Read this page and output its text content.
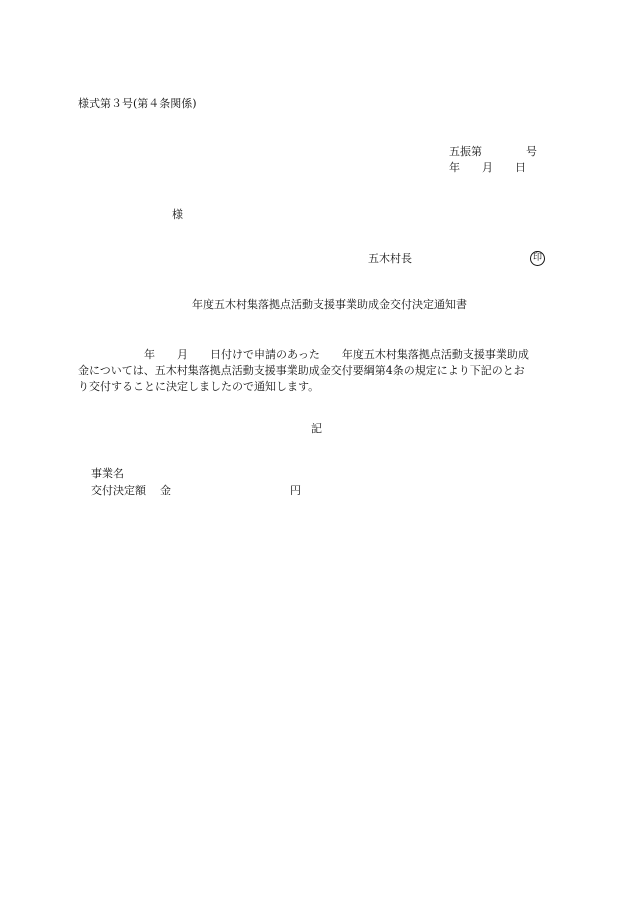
様式第３号(第４条関係)
五振第　　　　号
年　　月　　日
様
五木村長	印
年度五木村集落拠点活動支援事業助成金交付決定通知書

　　　　　　年　　月　　日付けで申請のあった　　年度五木村集落拠点活動支援事業助成

金については、五木村集落拠点活動支援事業助成金交付要綱第4条の規定により下記のとお

り交付することに決定しましたので通知します。

記
事業名
交付決定額 金	円
